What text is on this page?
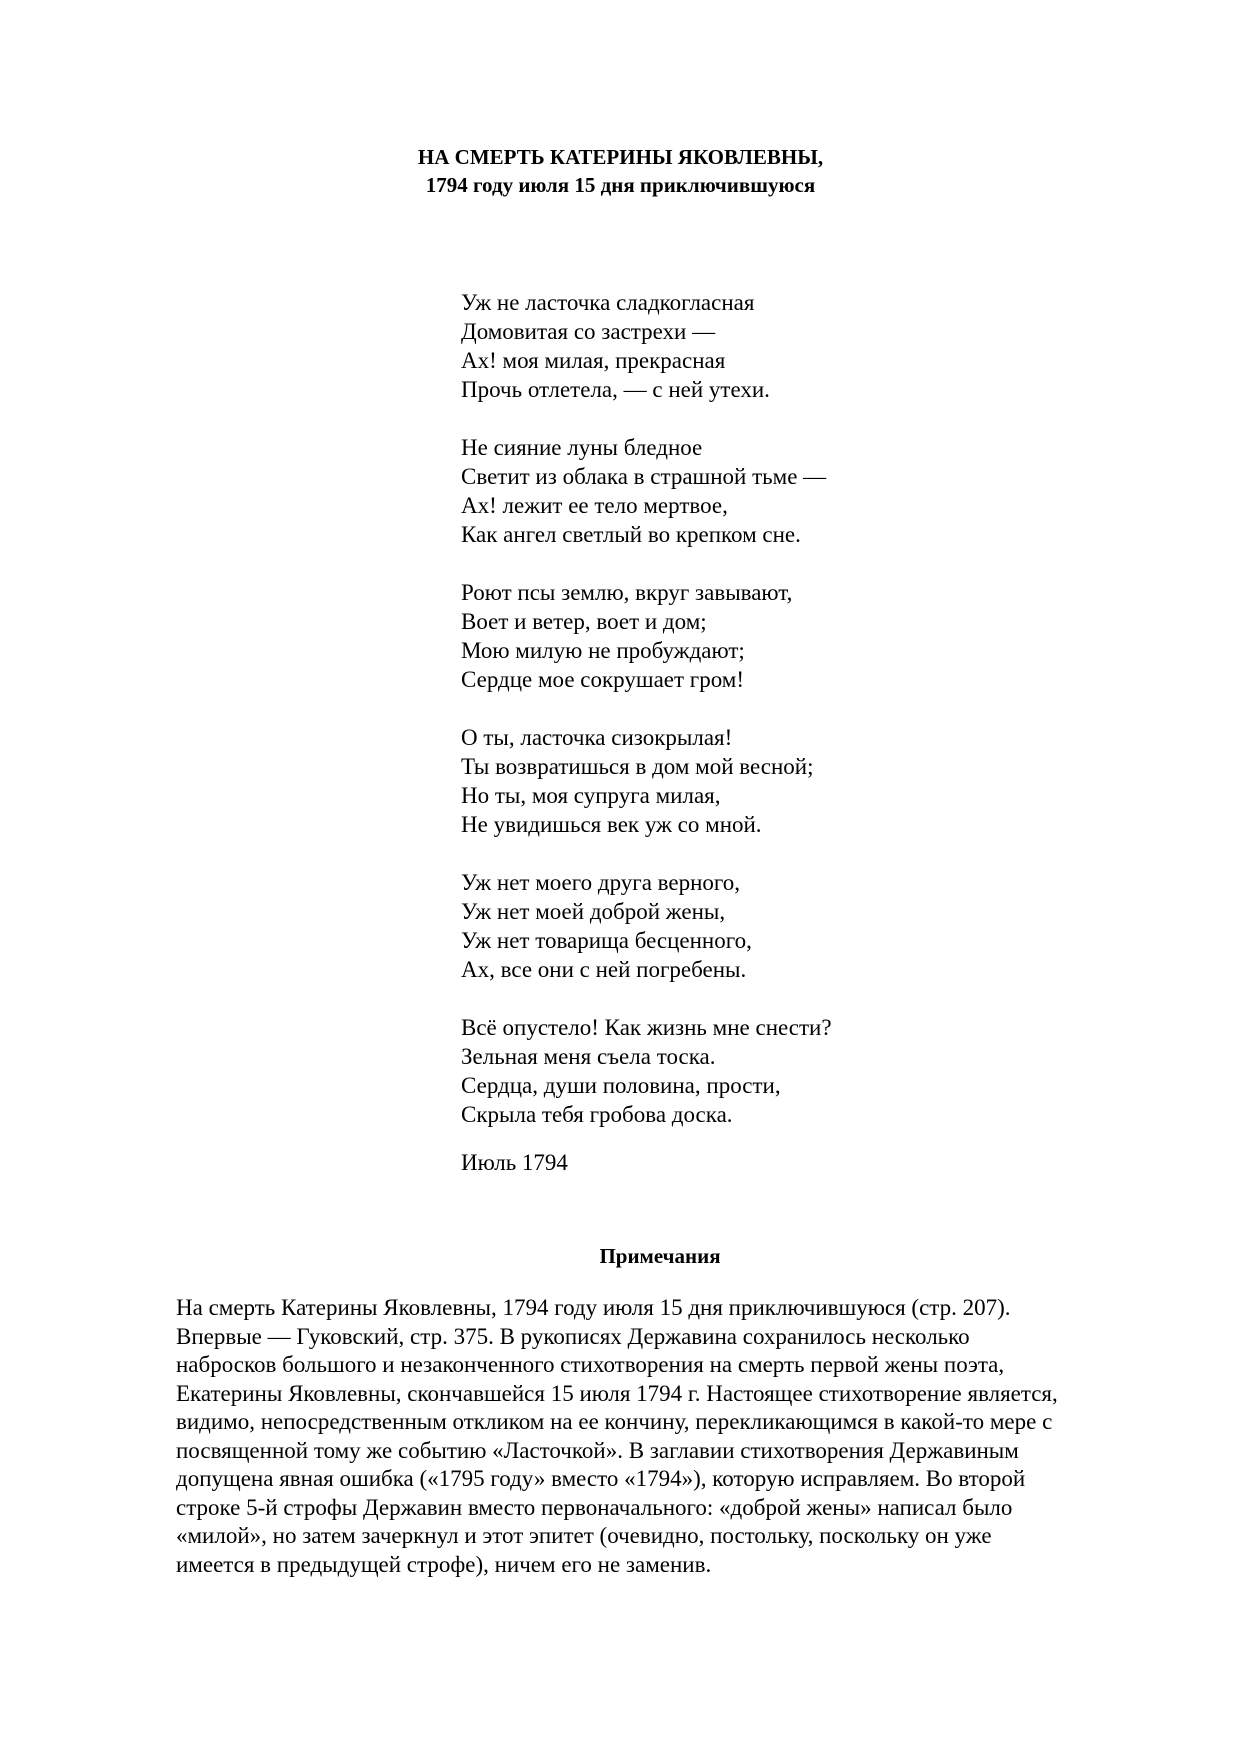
НА СМЕРТЬ КАТЕРИНЫ ЯКОВЛЕВНЫ,
1794 году июля 15 дня приключившуюся
Уж не ласточка сладкогласная
Домовитая со застрехи —
Ах! моя милая, прекрасная
Прочь отлетела, — с ней утехи.
Не сияние луны бледное
Светит из облака в страшной тьме —
Ах! лежит ее тело мертвое,
Как ангел светлый во крепком сне.
Роют псы землю, вкруг завывают,
Воет и ветер, воет и дом;
Мою милую не пробуждают;
Сердце мое сокрушает гром!
О ты, ласточка сизокрылая!
Ты возвратишься в дом мой весной;
Но ты, моя супруга милая,
Не увидишься век уж со мной.
Уж нет моего друга верного,
Уж нет моей доброй жены,
Уж нет товарища бесценного,
Ах, все они с ней погребены.
Всё опустело! Как жизнь мне снести?
Зельная меня съела тоска.
Сердца, души половина, прости,
Скрыла тебя гробова доска.
Июль 1794
Примечания
На смерть Катерины Яковлевны, 1794 году июля 15 дня приключившуюся (стр. 207).
Впервые — Гуковский, стр. 375. В рукописях Державина сохранилось несколько
набросков большого и незаконченного стихотворения на смерть первой жены поэта,
Екатерины Яковлевны, скончавшейся 15 июля 1794 г. Настоящее стихотворение является,
видимо, непосредственным откликом на ее кончину, перекликающимся в какой-то мере с
посвященной тому же событию «Ласточкой». В заглавии стихотворения Державиным
допущена явная ошибка («1795 году» вместо «1794»), которую исправляем. Во второй
строке 5-й строфы Державин вместо первоначального: «доброй жены» написал было
«милой», но затем зачеркнул и этот эпитет (очевидно, постольку, поскольку он уже
имеется в предыдущей строфе), ничем его не заменив.
